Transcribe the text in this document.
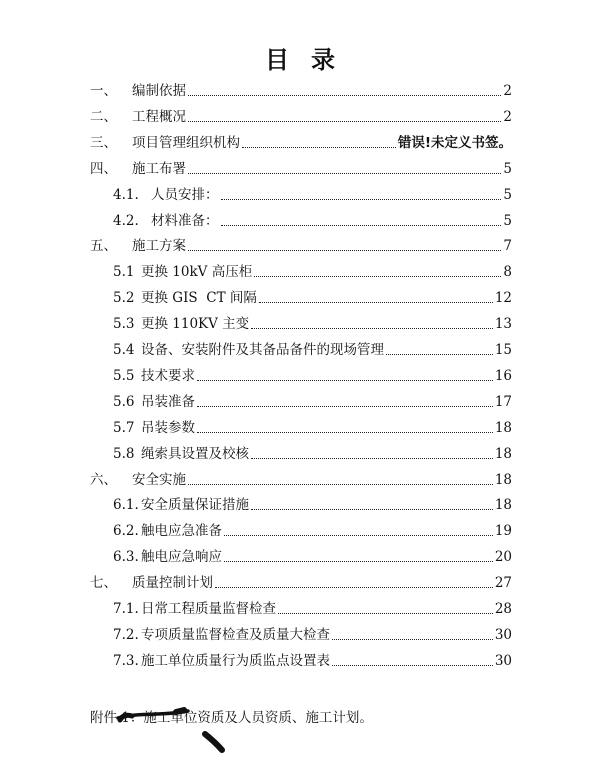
目录
一、	编制依据	2
二、	工程概况	2
三、	项目管理组织机构	错误!未定义书签。
四、	施工布署	5
4.1. 人员安排：	5
4.2. 材料准备：	5
五、	施工方案	7
5.1 更换 10kV 高压柜	8
5.2 更换 GIS  CT 间隔	12
5.3 更换 110KV 主变	13
5.4 设备、安装附件及其备品备件的现场管理	15
5.5 技术要求	16
5.6 吊装准备	17
5.7 吊装参数	18
5.8 绳索具设置及校核	18
六、	安全实施	18
6.1. 安全质量保证措施	18
6.2. 触电应急准备	19
6.3. 触电应急响应	20
七、	质量控制计划	27
7.1. 日常工程质量监督检查	28
7.2. 专项质量监督检查及质量大检查	30
7.3. 施工单位质量行为质监点设置表	30
附件 1：施工单位资质及人员资质、施工计划。
